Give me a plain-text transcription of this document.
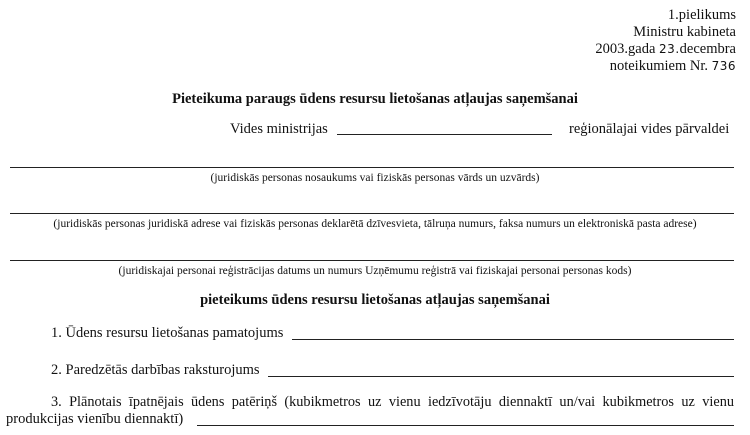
1.pielikums
Ministru kabineta
2003.gada 23.decembra
noteikumiem Nr. 736
Pieteikuma paraugs ūdens resursu lietošanas atļaujas saņemšanai
Vides ministrijas	reģionālajai vides pārvaldei
(juridiskās personas nosaukums vai fiziskās personas vārds un uzvārds)
(juridiskās personas juridiskā adrese vai fiziskās personas deklarētā dzīvesvieta, tālruņa numurs, faksa numurs un elektroniskā pasta adrese)
(juridiskajai personai reģistrācijas datums un numurs Uzņēmumu reģistrā vai fiziskajai personai personas kods)
pieteikums ūdens resursu lietošanas atļaujas saņemšanai
1. Ūdens resursu lietošanas pamatojums
2. Paredzētās darbības raksturojums
3. Plānotais īpatnējais ūdens patēriņš (kubikmetros uz vienu iedzīvotāju diennaktī un/vai kubikmetros uz vienu
produkcijas vienību diennaktī)
